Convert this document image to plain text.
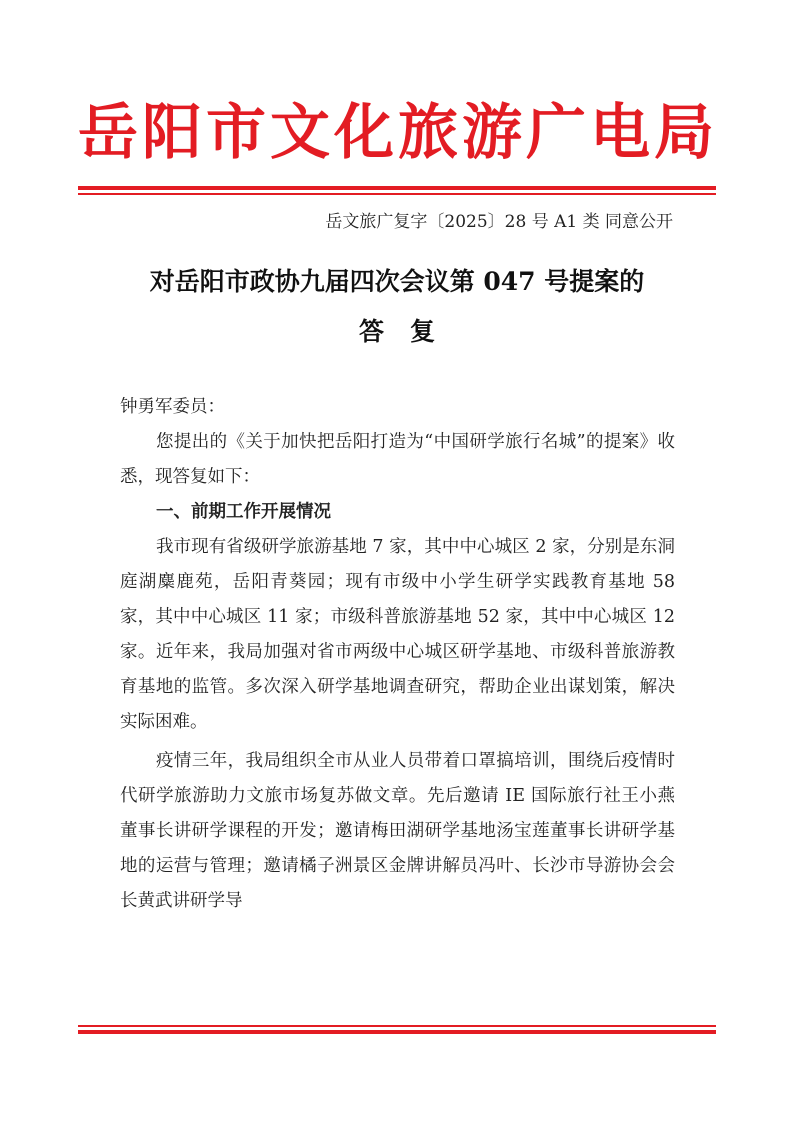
岳阳市文化旅游广电局
岳文旅广复字〔2025〕28 号 A1 类 同意公开
对岳阳市政协九届四次会议第 047 号提案的
答复

钟勇军委员：

您提出的《关于加快把岳阳打造为“中国研学旅行名城”的提案》收悉，现答复如下：

一、前期工作开展情况

我市现有省级研学旅游基地 7 家，其中中心城区 2 家，分别是东洞庭湖麋鹿苑，岳阳青葵园；现有市级中小学生研学实践教育基地 58 家，其中中心城区 11 家；市级科普旅游基地 52 家，其中中心城区 12 家。近年来，我局加强对省市两级中心城区研学基地、市级科普旅游教育基地的监管。多次深入研学基地调查研究，帮助企业出谋划策，解决实际困难。

疫情三年，我局组织全市从业人员带着口罩搞培训，围绕后疫情时代研学旅游助力文旅市场复苏做文章。先后邀请 IE 国际旅行社王小燕董事长讲研学课程的开发；邀请梅田湖研学基地汤宝莲董事长讲研学基地的运营与管理；邀请橘子洲景区金牌讲解员冯叶、长沙市导游协会会长黄武讲研学导
